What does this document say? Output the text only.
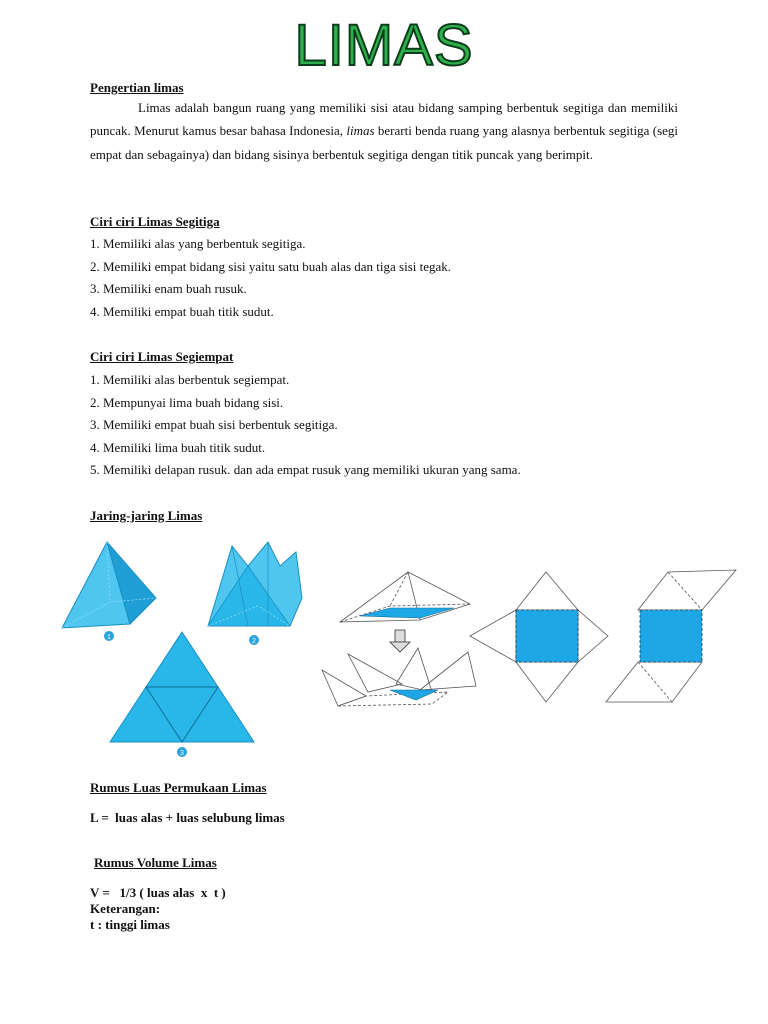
LIMAS
Pengertian limas

Limas adalah bangun ruang yang memiliki sisi atau bidang samping berbentuk segitiga dan memiliki puncak. Menurut kamus besar bahasa Indonesia, limas berarti benda ruang yang alasnya berbentuk segitiga (segi empat dan sebagainya) dan bidang sisinya berbentuk segitiga dengan titik puncak yang berimpit.

Ciri ciri Limas Segitiga
1. Memiliki alas yang berbentuk segitiga.
2. Memiliki empat bidang sisi yaitu satu buah alas dan tiga sisi tegak.
3. Memiliki enam buah rusuk.
4. Memiliki empat buah titik sudut.
Ciri ciri Limas Segiempat
1. Memiliki alas berbentuk segiempat.
2. Mempunyai lima buah bidang sisi.
3. Memiliki empat buah sisi berbentuk segitiga.
4. Memiliki lima buah titik sudut.
5. Memiliki delapan rusuk. dan ada empat rusuk yang memiliki ukuran yang sama.
Jaring-jaring Limas
1
2
3
Rumus Luas Permukaan Limas
L =  luas alas + luas selubung limas
Rumus Volume Limas
V =   1/3 ( luas alas  x  t )
Keterangan:
t : tinggi limas
